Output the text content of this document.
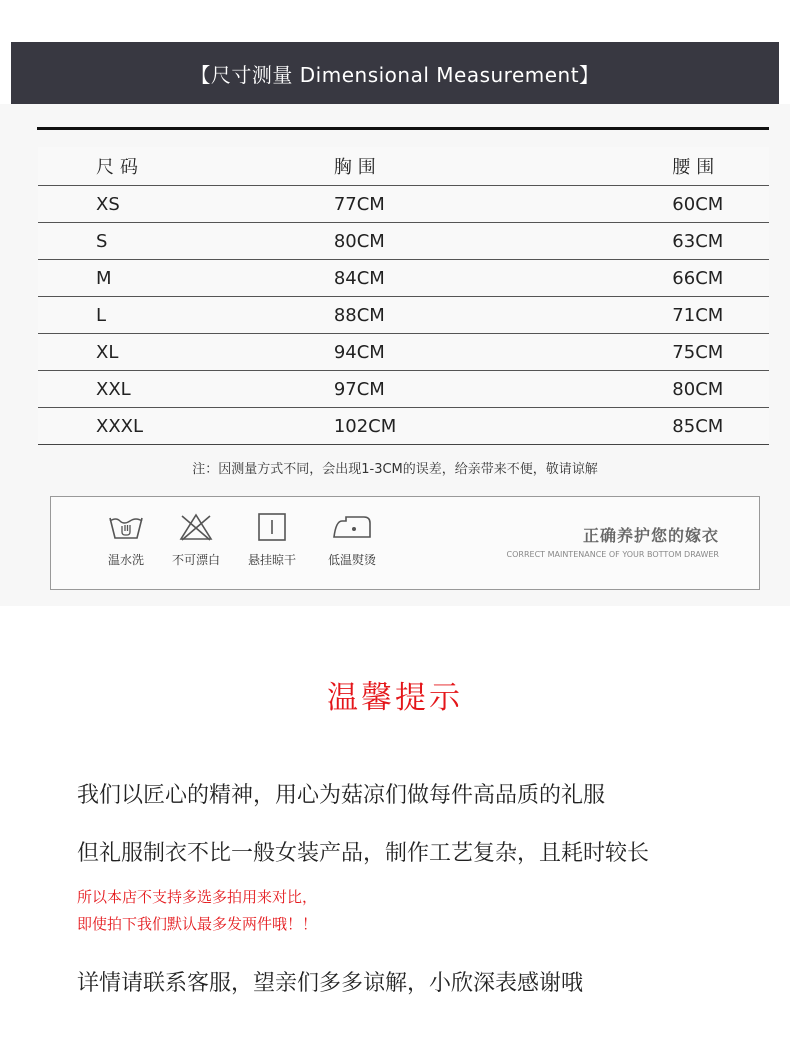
【尺寸测量 Dimensional Measurement】
尺码	胸围	腰围
XS	77CM	60CM
S	80CM	63CM
M	84CM	66CM
L	88CM	71CM
XL	94CM	75CM
XXL	97CM	80CM
XXXL	102CM	85CM
注：因测量方式不同，会出现1-3CM的误差，给亲带来不便，敬请谅解
温水洗	不可漂白	悬挂晾干	低温熨烫
正确养护您的嫁衣
CORRECT MAINTENANCE OF YOUR BOTTOM DRAWER
温馨提示
我们以匠心的精神，用心为菇凉们做每件高品质的礼服
但礼服制衣不比一般女装产品，制作工艺复杂，且耗时较长
所以本店不支持多选多拍用来对比，
即使拍下我们默认最多发两件哦！！
详情请联系客服，望亲们多多谅解，小欣深表感谢哦
